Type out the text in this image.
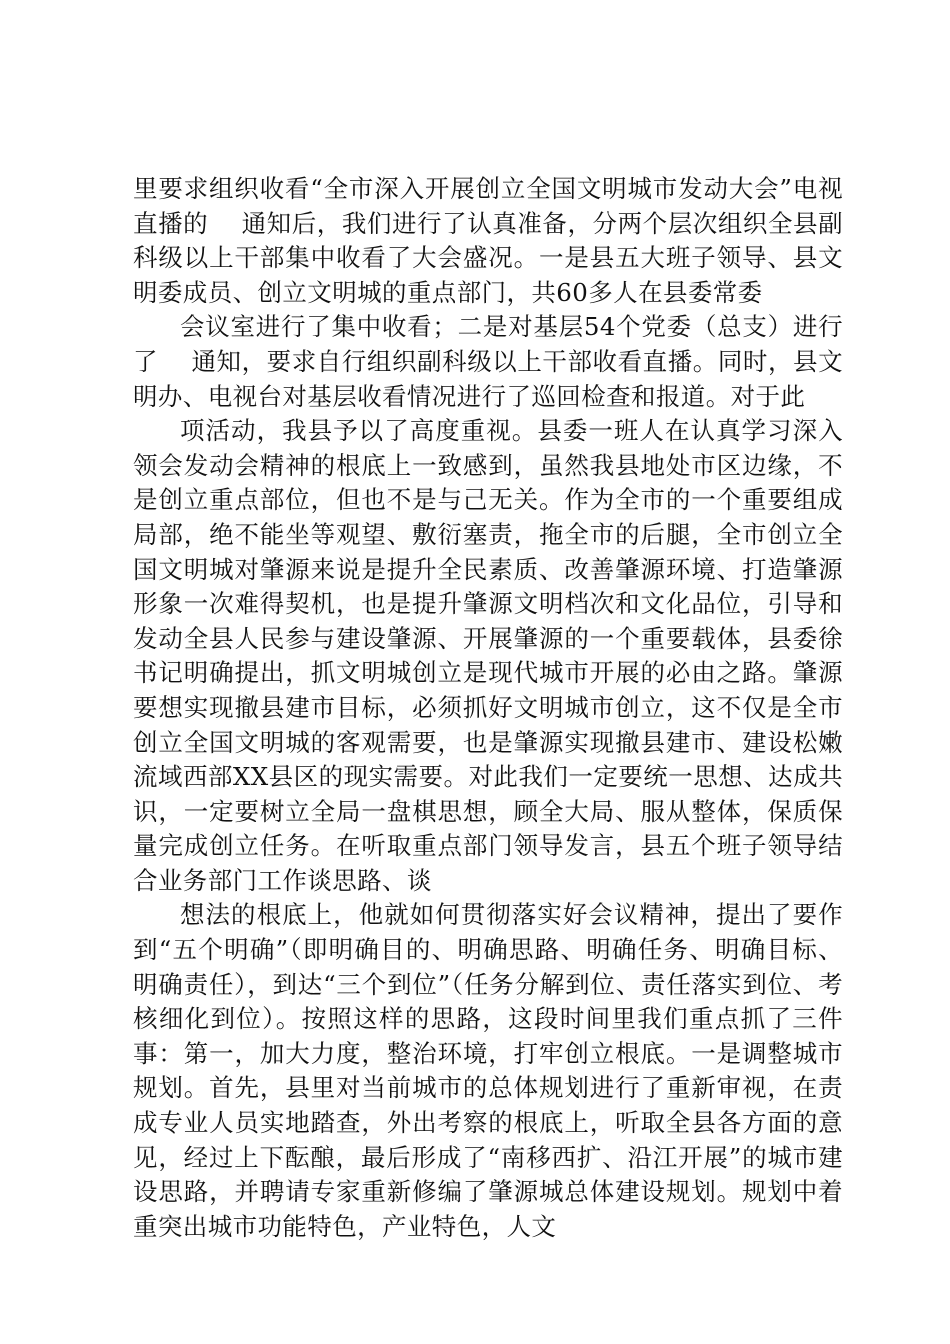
里要求组织收看“全市深入开展创立全国文明城市发动大会”电视直播的　 通知后，我们进行了认真准备，分两个层次组织全县副科级以上干部集中收看了大会盛况。一是县五大班子领导、县文明委成员、创立文明城的重点部门，共60多人在县委常委

会议室进行了集中收看；二是对基层54个党委（总支）进行了　 通知，要求自行组织副科级以上干部收看直播。同时，县文明办、电视台对基层收看情况进行了巡回检查和报道。对于此

项活动，我县予以了高度重视。县委一班人在认真学习深入领会发动会精神的根底上一致感到，虽然我县地处市区边缘，不是创立重点部位，但也不是与己无关。作为全市的一个重要组成局部，绝不能坐等观望、敷衍塞责，拖全市的后腿，全市创立全国文明城对肇源来说是提升全民素质、改善肇源环境、打造肇源形象一次难得契机，也是提升肇源文明档次和文化品位，引导和发动全县人民参与建设肇源、开展肇源的一个重要载体，县委徐书记明确提出，抓文明城创立是现代城市开展的必由之路。肇源要想实现撤县建市目标，必须抓好文明城市创立，这不仅是全市创立全国文明城的客观需要，也是肇源实现撤县建市、建设松嫩流域西部XX县区的现实需要。对此我们一定要统一思想、达成共识，一定要树立全局一盘棋思想，顾全大局、服从整体，保质保量完成创立任务。在听取重点部门领导发言，县五个班子领导结合业务部门工作谈思路、谈

想法的根底上，他就如何贯彻落实好会议精神，提出了要作到“五个明确”（即明确目的、明确思路、明确任务、明确目标、明确责任），到达“三个到位”（任务分解到位、责任落实到位、考核细化到位）。按照这样的思路，这段时间里我们重点抓了三件事：第一，加大力度，整治环境，打牢创立根底。一是调整城市规划。首先，县里对当前城市的总体规划进行了重新审视，在责成专业人员实地踏查，外出考察的根底上，听取全县各方面的意见，经过上下酝酿，最后形成了“南移西扩、沿江开展”的城市建设思路，并聘请专家重新修编了肇源城总体建设规划。规划中着重突出城市功能特色，产业特色，人文
